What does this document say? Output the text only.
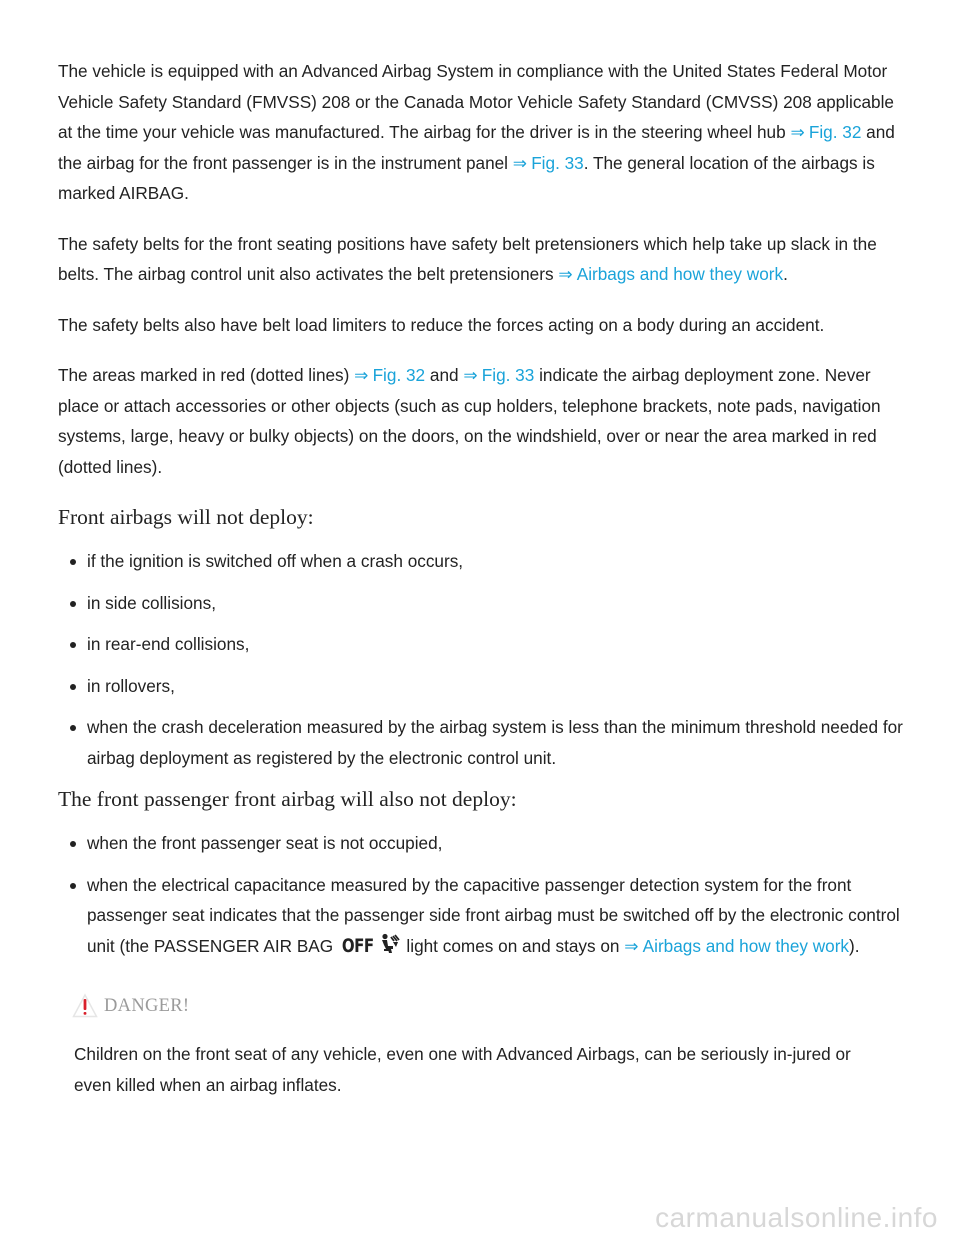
The vehicle is equipped with an Advanced Airbag System in compliance with the United States Federal Motor Vehicle Safety Standard (FMVSS) 208 or the Canada Motor Vehicle Safety Standard (CMVSS) 208 applicable at the time your vehicle was manufactured. The airbag for the driver is in the steering wheel hub ⇒ Fig. 32 and the airbag for the front passenger is in the instrument panel ⇒ Fig. 33. The general location of the airbags is marked AIRBAG.

The safety belts for the front seating positions have safety belt pretensioners which help take up slack in the belts. The airbag control unit also activates the belt pretensioners ⇒ Airbags and how they work.

The safety belts also have belt load limiters to reduce the forces acting on a body during an accident.

The areas marked in red (dotted lines) ⇒ Fig. 32 and ⇒ Fig. 33 indicate the airbag deployment zone. Never place or attach accessories or other objects (such as cup holders, telephone brackets, note pads, navigation systems, large, heavy or bulky objects) on the doors, on the windshield, over or near the area marked in red (dotted lines).

Front airbags will not deploy:
if the ignition is switched off when a crash occurs,
in side collisions,
in rear-end collisions,
in rollovers,
when the crash deceleration measured by the airbag system is less than the minimum threshold needed for airbag deployment as registered by the electronic control unit.
The front passenger front airbag will also not deploy:
when the front passenger seat is not occupied,
when the electrical capacitance measured by the capacitive passenger detection system for the front passenger seat indicates that the passenger side front airbag must be switched off by the electronic control unit (the PASSENGER AIR BAG OFF light comes on and stays on ⇒ Airbags and how they work).
DANGER!
Children on the front seat of any vehicle, even one with Advanced Airbags, can be seriously in-jured or even killed when an airbag inflates.
carmanualsonline.info
